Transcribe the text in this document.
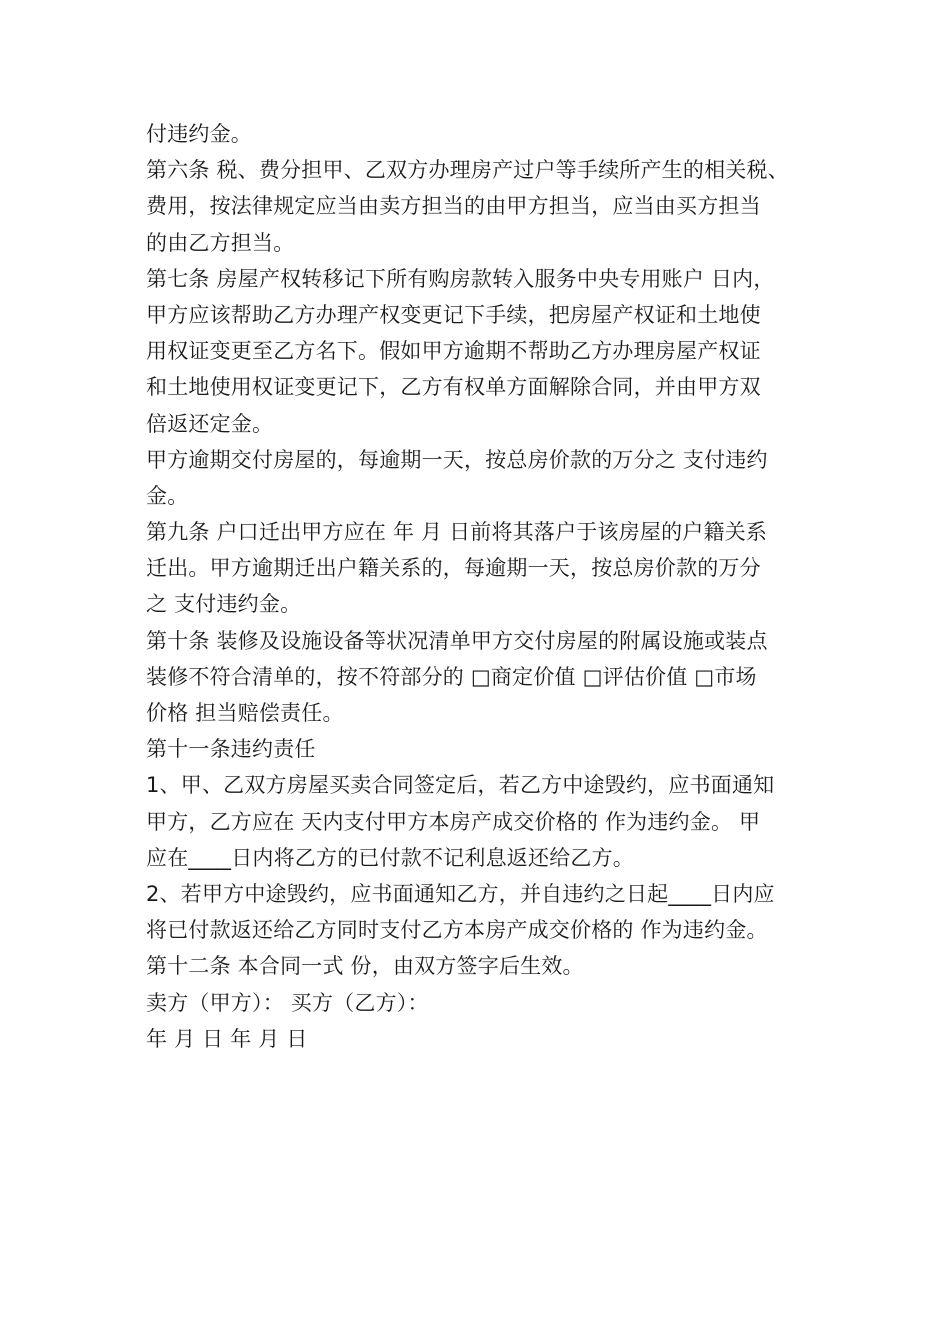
付违约金。
第六条 税、费分担甲、乙双方办理房产过户等手续所产生的相关税、
费用，按法律规定应当由卖方担当的由甲方担当，应当由买方担当
的由乙方担当。
第七条 房屋产权转移记下所有购房款转入服务中央专用账户 日内，
甲方应该帮助乙方办理产权变更记下手续，把房屋产权证和土地使
用权证变更至乙方名下。假如甲方逾期不帮助乙方办理房屋产权证
和土地使用权证变更记下，乙方有权单方面解除合同，并由甲方双
倍返还定金。
甲方逾期交付房屋的，每逾期一天，按总房价款的万分之 支付违约
金。
第九条 户口迁出甲方应在 年 月 日前将其落户于该房屋的户籍关系
迁出。甲方逾期迁出户籍关系的，每逾期一天，按总房价款的万分
之 支付违约金。
第十条 装修及设施设备等状况清单甲方交付房屋的附属设施或装点
装修不符合清单的，按不符部分的 □商定价值 □评估价值 □市场
价格 担当赔偿责任。
第十一条违约责任
1、甲、乙双方房屋买卖合同签定后，若乙方中途毁约，应书面通知
甲方，乙方应在 天内支付甲方本房产成交价格的 作为违约金。 甲
应在____日内将乙方的已付款不记利息返还给乙方。
2、若甲方中途毁约，应书面通知乙方，并自违约之日起____日内应
将已付款返还给乙方同时支付乙方本房产成交价格的 作为违约金。
第十二条 本合同一式 份，由双方签字后生效。
卖方（甲方）： 买方（乙方）：
年 月 日 年 月 日
